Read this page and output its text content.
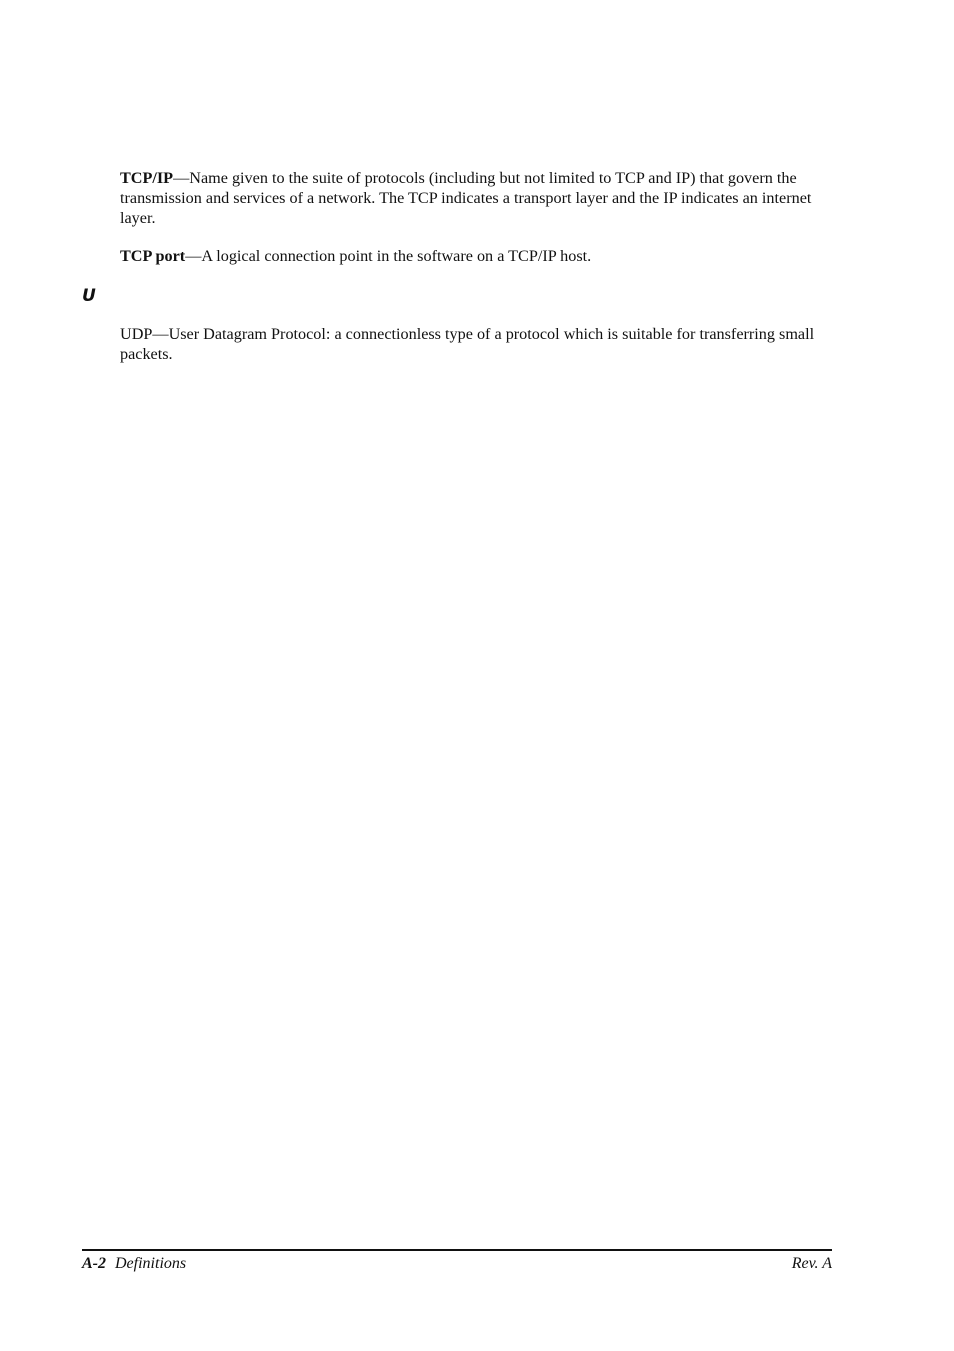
TCP/IP—Name given to the suite of protocols (including but not limited to TCP and IP) that govern the transmission and services of a network. The TCP indicates a transport layer and the IP indicates an internet layer.

TCP port—A logical connection point in the software on a TCP/IP host.

U

UDP—User Datagram Protocol: a connectionless type of a protocol which is suitable for transferring small packets.

A-2 Definitions	Rev. A
